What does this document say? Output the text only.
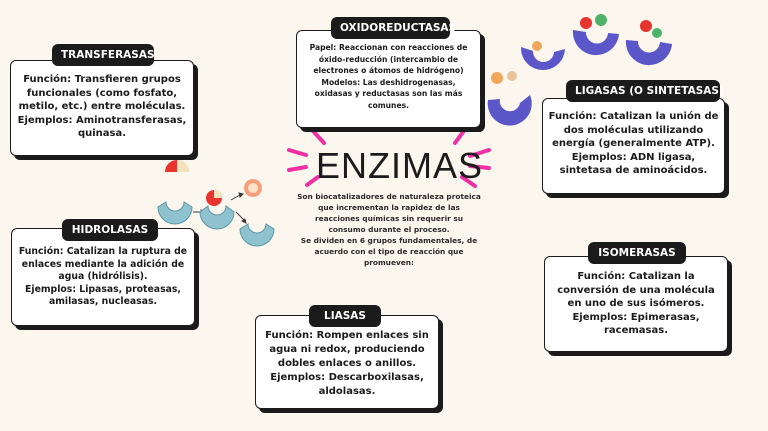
ENZIMAS

Son biocatalizadores de naturaleza proteica que incrementan la rapidez de las reacciones químicas sin requerir su consumo durante el proceso.

Se dividen en 6 grupos fundamentales, de acuerdo con el tipo de reacción que promueven:

Papel: Reaccionan con reacciones de óxido-reducción (intercambio de electrones o átomos de hidrógeno)

Modelos: Las deshidrogenasas, oxidasas y reductasas son las más comunes.

OXIDOREDUCTASAS

Función: Transfieren grupos funcionales (como fosfato, metilo, etc.) entre moléculas.

Ejemplos: Aminotransferasas, quinasa.

TRANSFERASAS

Función: Catalizan la unión de dos moléculas utilizando energía (generalmente ATP).

Ejemplos: ADN ligasa, sintetasa de aminoácidos.

LIGASAS (O SINTETASAS)

Función: Catalizan la ruptura de enlaces mediante la adición de agua (hidrólisis).

Ejemplos: Lipasas, proteasas, amilasas, nucleasas.

HIDROLASAS

Función: Catalizan la conversión de una molécula en uno de sus isómeros.

Ejemplos: Epimerasas, racemasas.

ISOMERASAS

Función: Rompen enlaces sin agua ni redox, produciendo dobles enlaces o anillos.

Ejemplos: Descarboxilasas, aldolasas.

LIASAS
